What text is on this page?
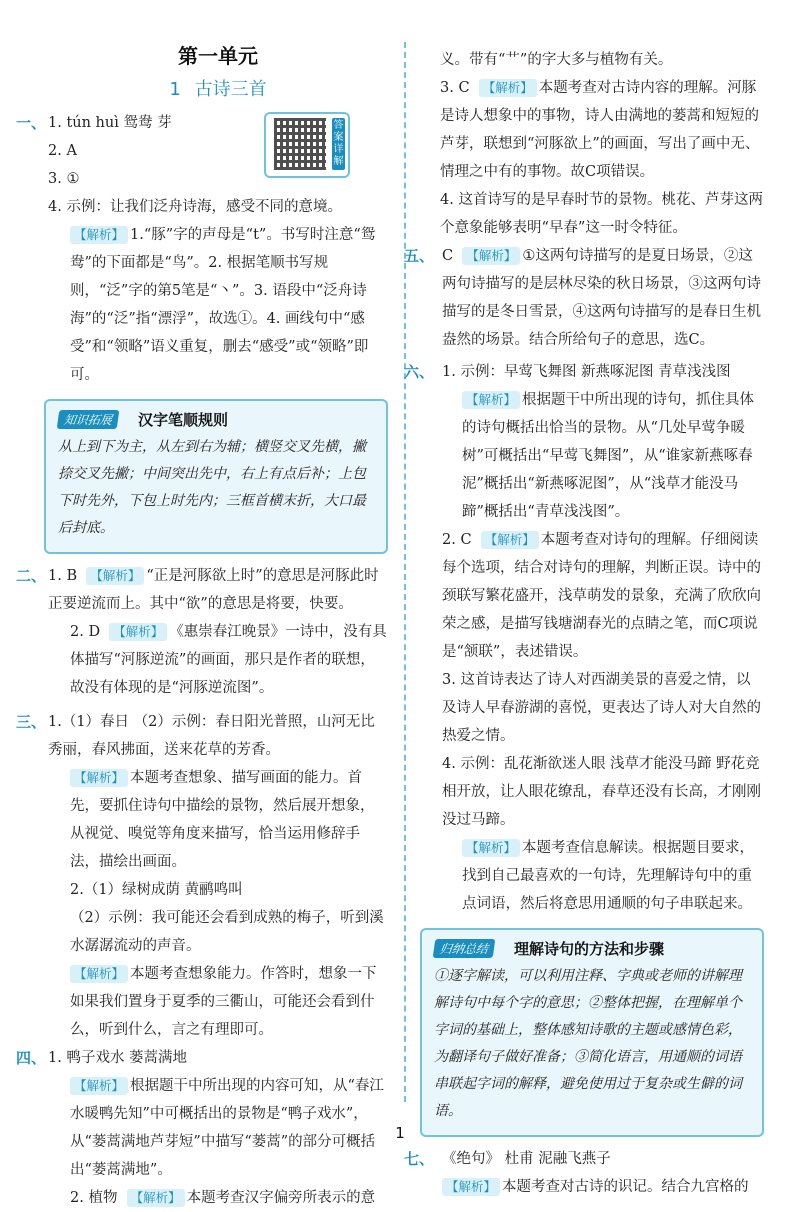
第一单元
1 古诗三首
一、 1. tún huì 鸳鸯 芽

2. A

3. ①

4. 示例：让我们泛舟诗海，感受不同的意境。

【解析】 1.“豚”字的声母是“t”。书写时注意“鸳鸯”的下面都是“鸟”。2. 根据笔顺书写规则，“泛”字的第5笔是“丶”。3. 语段中“泛舟诗海”的“泛”指“漂浮”，故选①。4. 画线句中“感受”和“领略”语义重复，删去“感受”或“领略”即可。

知识拓展	汉字笔顺规则
从上到下为主，从左到右为辅；横竖交叉先横，撇捺交叉先撇；中间突出先中，右上有点后补；上包下时先外，下包上时先内；三框首横末折，大口最后封底。
二、 1. B 【解析】 “正是河豚欲上时”的意思是河豚此时正要逆流而上。其中“欲”的意思是将要，快要。

2. D 【解析】 《惠崇春江晚景》一诗中，没有具体描写“河豚逆流”的画面，那只是作者的联想，故没有体现的是“河豚逆流图”。

三、 1.（1）春日 （2）示例：春日阳光普照，山河无比秀丽，春风拂面，送来花草的芳香。

【解析】 本题考查想象、描写画面的能力。首先，要抓住诗句中描绘的景物，然后展开想象，从视觉、嗅觉等角度来描写，恰当运用修辞手法，描绘出画面。

2.（1）绿树成荫 黄鹂鸣叫

（2）示例：我可能还会看到成熟的梅子，听到溪水潺潺流动的声音。

【解析】 本题考查想象能力。作答时，想象一下如果我们置身于夏季的三衢山，可能还会看到什么，听到什么，言之有理即可。

四、 1. 鸭子戏水 蒌蒿满地

【解析】 根据题干中所出现的内容可知，从“春江水暖鸭先知”中可概括出的景物是“鸭子戏水”，从“蒌蒿满地芦芽短”中描写“蒌蒿”的部分可概括出“蒌蒿满地”。

2. 植物 【解析】 本题考查汉字偏旁所表示的意

答案详解

义。带有“艹”的字大多与植物有关。

3. C 【解析】 本题考查对古诗内容的理解。河豚是诗人想象中的事物，诗人由满地的蒌蒿和短短的芦芽，联想到“河豚欲上”的画面，写出了画中无、情理之中有的事物。故C项错误。

4. 这首诗写的是早春时节的景物。桃花、芦芽这两个意象能够表明“早春”这一时令特征。

五、 C 【解析】 ①这两句诗描写的是夏日场景，②这两句诗描写的是层林尽染的秋日场景，③这两句诗描写的是冬日雪景，④这两句诗描写的是春日生机盎然的场景。结合所给句子的意思，选C。

六、 1. 示例：早莺飞舞图 新燕啄泥图 青草浅浅图

【解析】 根据题干中所出现的诗句，抓住具体的诗句概括出恰当的景物。从“几处早莺争暖树”可概括出“早莺飞舞图”，从“谁家新燕啄春泥”概括出“新燕啄泥图”，从“浅草才能没马蹄”概括出“青草浅浅图”。

2. C 【解析】 本题考查对诗句的理解。仔细阅读每个选项，结合对诗句的理解，判断正误。诗中的颈联写繁花盛开，浅草萌发的景象，充满了欣欣向荣之感，是描写钱塘湖春光的点睛之笔，而C项说是“颔联”，表述错误。

3. 这首诗表达了诗人对西湖美景的喜爱之情，以及诗人早春游湖的喜悦，更表达了诗人对大自然的热爱之情。

4. 示例：乱花渐欲迷人眼 浅草才能没马蹄 野花竞相开放，让人眼花缭乱，春草还没有长高，才刚刚没过马蹄。

【解析】 本题考查信息解读。根据题目要求，找到自己最喜欢的一句诗，先理解诗句中的重点词语，然后将意思用通顺的句子串联起来。

归纳总结	理解诗句的方法和步骤
①逐字解读，可以利用注释、字典或老师的讲解理解诗句中每个字的意思；②整体把握，在理解单个字词的基础上，整体感知诗歌的主题或感情色彩，为翻译句子做好准备；③简化语言，用通顺的词语串联起字词的解释，避免使用过于复杂或生僻的词语。
七、 《绝句》 杜甫 泥融飞燕子

【解析】 本题考查对古诗的识记。结合九宫格的

1
